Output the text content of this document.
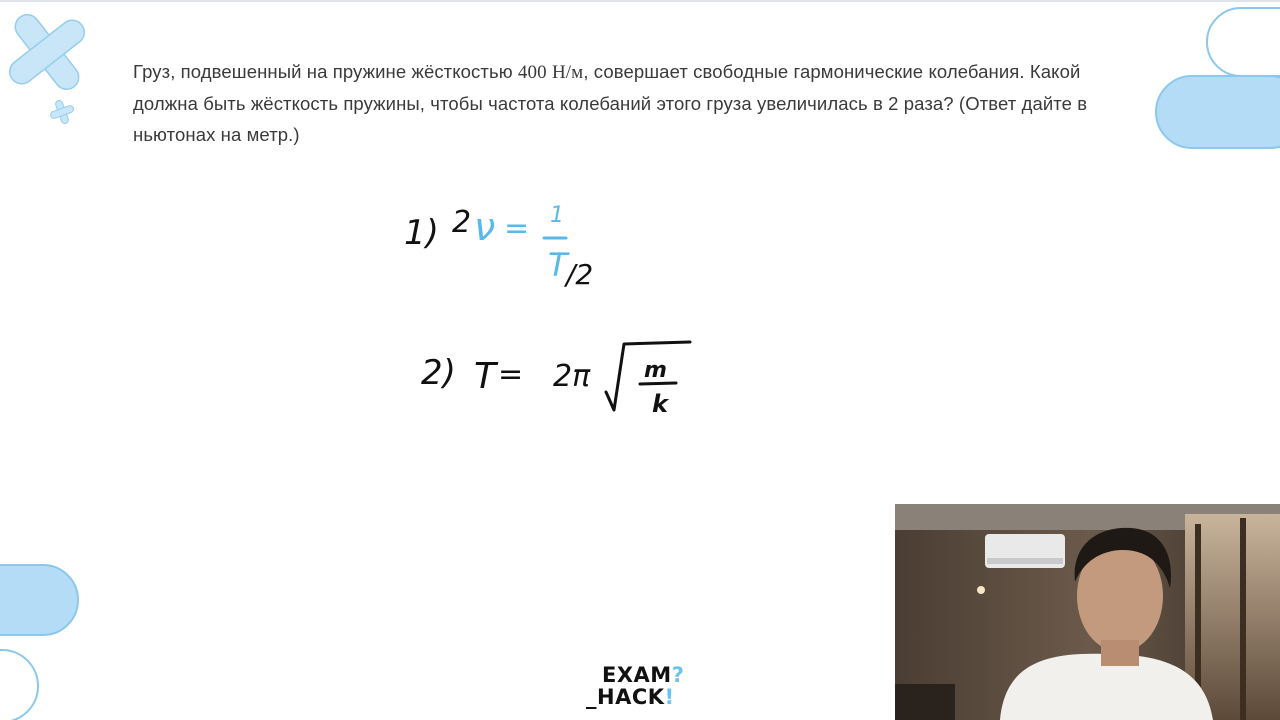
Груз, подвешенный на пружине жёсткостью 400 Н/м, совершает свободные гармонические колебания. Какой должна быть жёсткость пружины, чтобы частота колебаний этого груза увеличилась в 2 раза? (Ответ дайте в ньютонах на метр.)
1) 2 ν = 1
T
/2
2) T = 2π m
k
EXAM?
_HACK!
